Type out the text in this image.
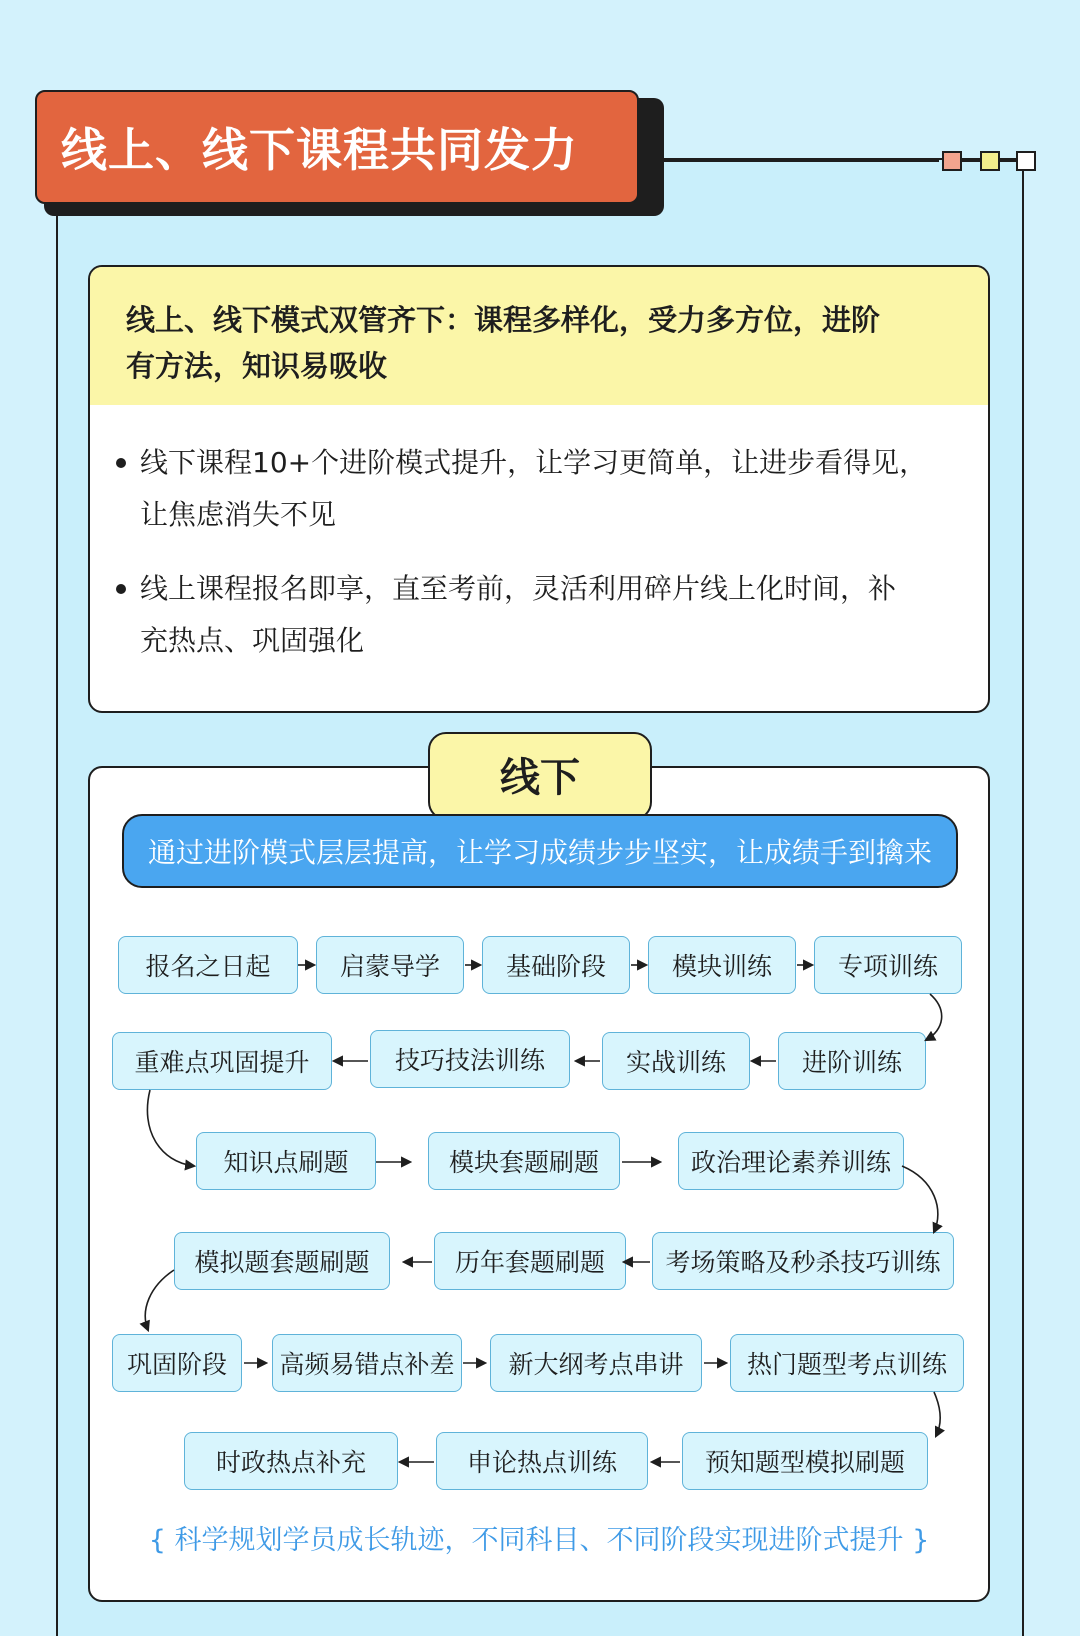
线上、线下课程共同发力
线上、线下模式双管齐下：课程多样化，受力多方位，进阶
有方法，知识易吸收
线下课程10+个进阶模式提升，让学习更简单，让进步看得见，
让焦虑消失不见
线上课程报名即享，直至考前，灵活利用碎片线上化时间，补
充热点、巩固强化
线下
通过进阶模式层层提高，让学习成绩步步坚实，让成绩手到擒来
报名之日起	启蒙导学	基础阶段	模块训练	专项训练
进阶训练
实战训练
技巧技法训练
重难点巩固提升
知识点刷题	模块套题刷题	政治理论素养训练
考场策略及秒杀技巧训练
历年套题刷题
模拟题套题刷题
巩固阶段	高频易错点补差	新大纲考点串讲	热门题型考点训练
预知题型模拟刷题
申论热点训练
时政热点补充
{ 科学规划学员成长轨迹，不同科目、不同阶段实现进阶式提升 }
